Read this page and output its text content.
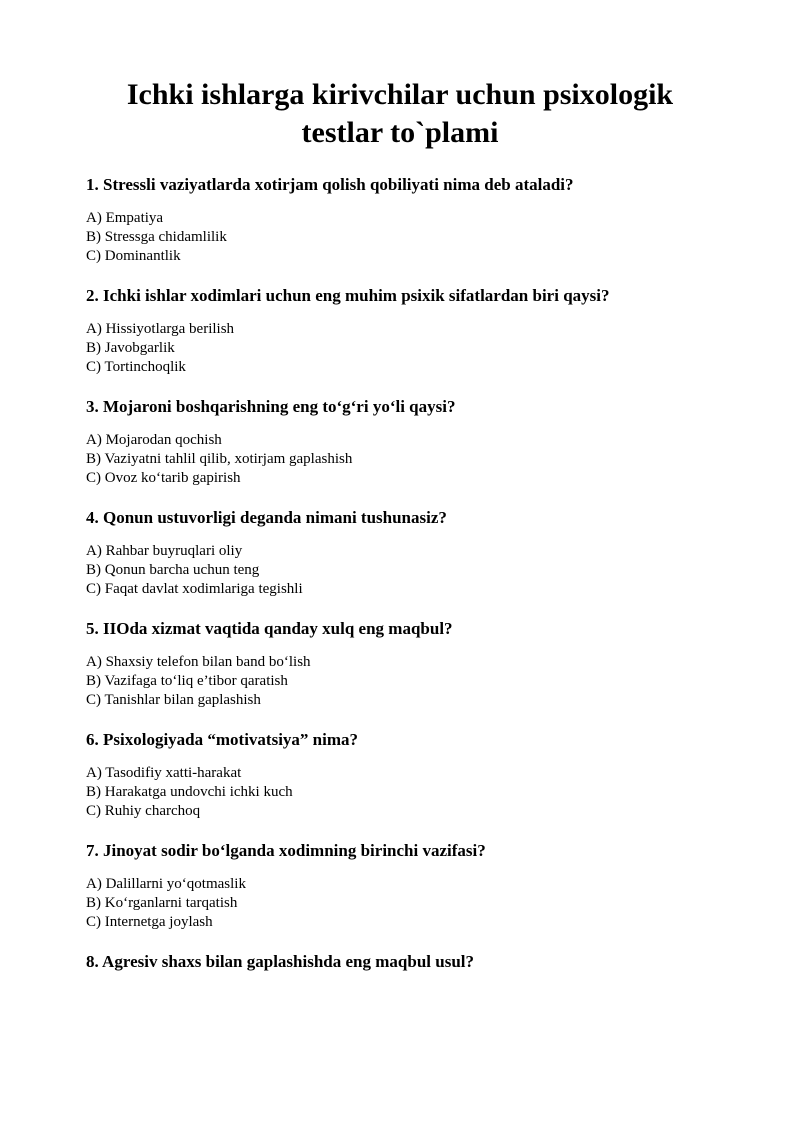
Ichki ishlarga kirivchilar uchun psixologik testlar to`plami

1. Stressli vaziyatlarda xotirjam qolish qobiliyati nima deb ataladi?

A) Empatiya
B) Stressga chidamlilik
C) Dominantlik

2. Ichki ishlar xodimlari uchun eng muhim psixik sifatlardan biri qaysi?

A) Hissiyotlarga berilish
B) Javobgarlik
C) Tortinchoqlik

3. Mojaroni boshqarishning eng to‘g‘ri yo‘li qaysi?

A) Mojarodan qochish
B) Vaziyatni tahlil qilib, xotirjam gaplashish
C) Ovoz ko‘tarib gapirish

4. Qonun ustuvorligi deganda nimani tushunasiz?

A) Rahbar buyruqlari oliy
B) Qonun barcha uchun teng
C) Faqat davlat xodimlariga tegishli

5. IIOda xizmat vaqtida qanday xulq eng maqbul?

A) Shaxsiy telefon bilan band bo‘lish
B) Vazifaga to‘liq e’tibor qaratish
C) Tanishlar bilan gaplashish

6. Psixologiyada “motivatsiya” nima?

A) Tasodifiy xatti-harakat
B) Harakatga undovchi ichki kuch
C) Ruhiy charchoq

7. Jinoyat sodir bo‘lganda xodimning birinchi vazifasi?

A) Dalillarni yo‘qotmaslik
B) Ko‘rganlarni tarqatish
C) Internetga joylash

8. Agresiv shaxs bilan gaplashishda eng maqbul usul?
